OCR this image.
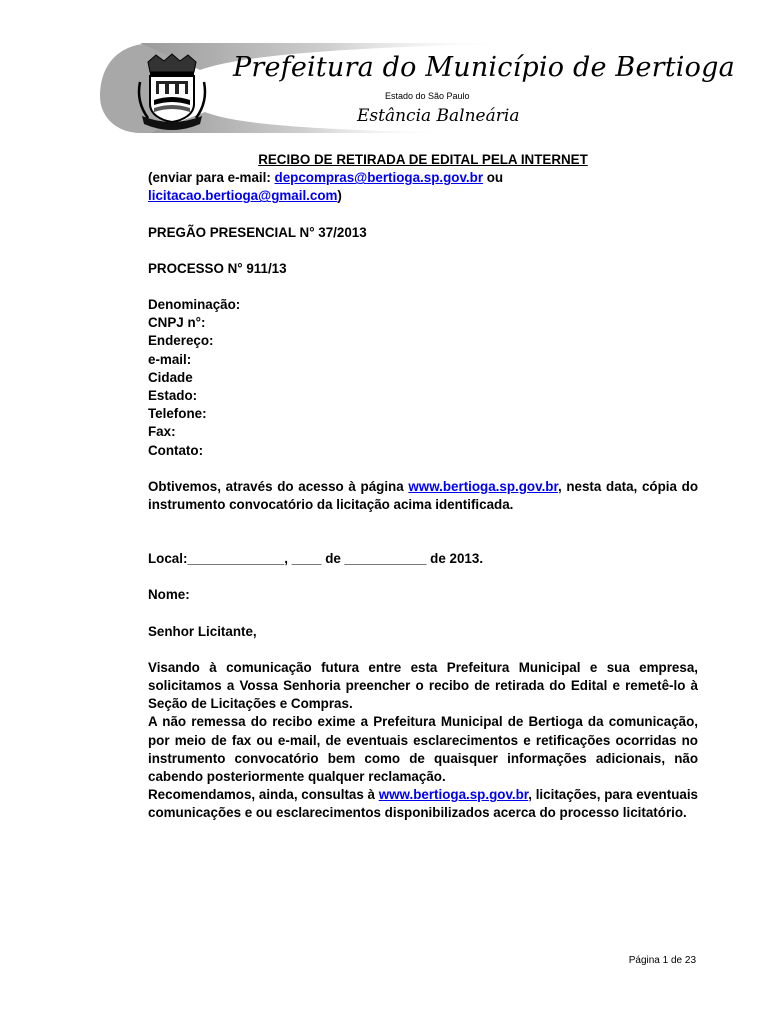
Prefeitura do Município de Bertioga
Estado do São Paulo
Estância Balneária

RECIBO DE RETIRADA DE EDITAL PELA INTERNET

(enviar para e-mail: depcompras@bertioga.sp.gov.br ou
licitacao.bertioga@gmail.com)

PREGÃO PRESENCIAL N° 37/2013

PROCESSO N° 911/13

Denominação:

CNPJ n°:

Endereço:

e-mail:

Cidade

Estado:

Telefone:

Fax:

Contato:

Obtivemos, através do acesso à página www.bertioga.sp.gov.br, nesta data, cópia do instrumento convocatório da licitação acima identificada.

Local:_____________, ____ de ___________ de 2013.

Nome:

Senhor Licitante,

Visando à comunicação futura entre esta Prefeitura Municipal e sua empresa, solicitamos a Vossa Senhoria preencher o recibo de retirada do Edital e remetê-lo à Seção de Licitações e Compras.

A não remessa do recibo exime a Prefeitura Municipal de Bertioga da comunicação, por meio de fax ou e-mail, de eventuais esclarecimentos e retificações ocorridas no instrumento convocatório bem como de quaisquer informações adicionais, não cabendo posteriormente qualquer reclamação.

Recomendamos, ainda, consultas à www.bertioga.sp.gov.br, licitações, para eventuais comunicações e ou esclarecimentos disponibilizados acerca do processo licitatório.

Página 1 de 23
